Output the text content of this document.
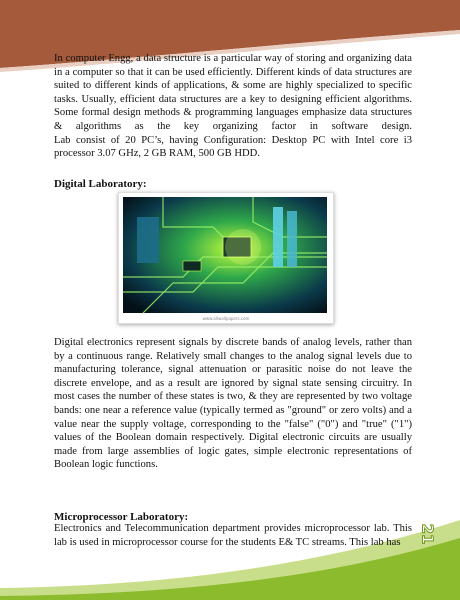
In computer Engg, a data structure is a particular way of storing and organizing data in a computer so that it can be used efficiently. Different kinds of data structures are suited to different kinds of applications, & some are highly specialized to specific tasks. Usually, efficient data structures are a key to designing efficient algorithms. Some formal design methods & programming languages emphasize data structures & algorithms as the key organizing factor in software design.

Lab consist of 20 PC’s, having Configuration: Desktop PC with Intel core i3 processor 3.07 GHz, 2 GB RAM, 500 GB HDD.

Digital Laboratory:
www.allwallpapers.com

Digital electronics represent signals by discrete bands of analog levels, rather than by a continuous range. Relatively small changes to the analog signal levels due to manufacturing tolerance, signal attenuation or parasitic noise do not leave the discrete envelope, and as a result are ignored by signal state sensing circuitry. In most cases the number of these states is two, & they are represented by two voltage bands: one near a reference value (typically termed as "ground" or zero volts) and a value near the supply voltage, corresponding to the "false" ("0") and "true" ("1") values of the Boolean domain respectively. Digital electronic circuits are usually made from large assemblies of logic gates, simple electronic representations of Boolean logic functions.

Microprocessor Laboratory:

Electronics and Telecommunication department provides microprocessor lab. This lab is used in microprocessor course for the students E& TC streams. This lab has	21
